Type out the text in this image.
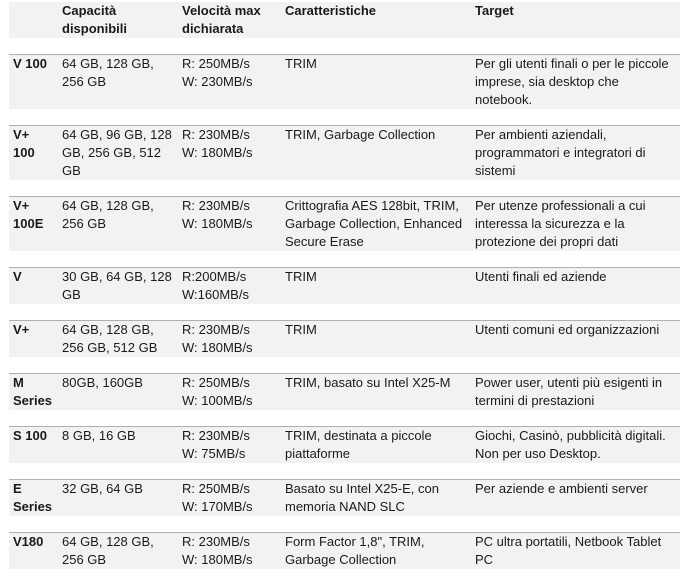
	Capacità disponibili	Velocità max dichiarata	Caratteristiche	Target

V 100	64 GB, 128 GB, 256 GB	R: 250MB/s
W: 230MB/s	TRIM	Per gli utenti finali o per le piccole imprese, sia desktop che notebook.

V+ 100	64 GB, 96 GB, 128 GB, 256 GB, 512 GB	R: 230MB/s
W: 180MB/s	TRIM, Garbage Collection	Per ambienti aziendali, programmatori e integratori di sistemi

V+ 100E	64 GB, 128 GB, 256 GB	R: 230MB/s
W: 180MB/s	Crittografia AES 128bit, TRIM, Garbage Collection, Enhanced Secure Erase	Per utenze professionali a cui interessa la sicurezza e la protezione dei propri dati

V	30 GB, 64 GB, 128 GB	R:200MB/s
W:160MB/s	TRIM	Utenti finali ed aziende

V+	64 GB, 128 GB, 256 GB, 512 GB	R: 230MB/s
W: 180MB/s	TRIM	Utenti comuni ed organizzazioni

M Series	80GB, 160GB	R: 250MB/s
W: 100MB/s	TRIM, basato su Intel X25-M	Power user, utenti più esigenti in termini di prestazioni

S 100	8 GB, 16 GB	R: 230MB/s
W: 75MB/s	TRIM, destinata a piccole piattaforme	Giochi, Casinò, pubblicità digitali. Non per uso Desktop.

E Series	32 GB, 64 GB	R: 250MB/s
W: 170MB/s	Basato su Intel X25-E, con memoria NAND SLC	Per aziende e ambienti server

V180	64 GB, 128 GB, 256 GB	R: 230MB/s
W: 180MB/s	Form Factor 1,8", TRIM, Garbage Collection	PC ultra portatili, Netbook Tablet PC
